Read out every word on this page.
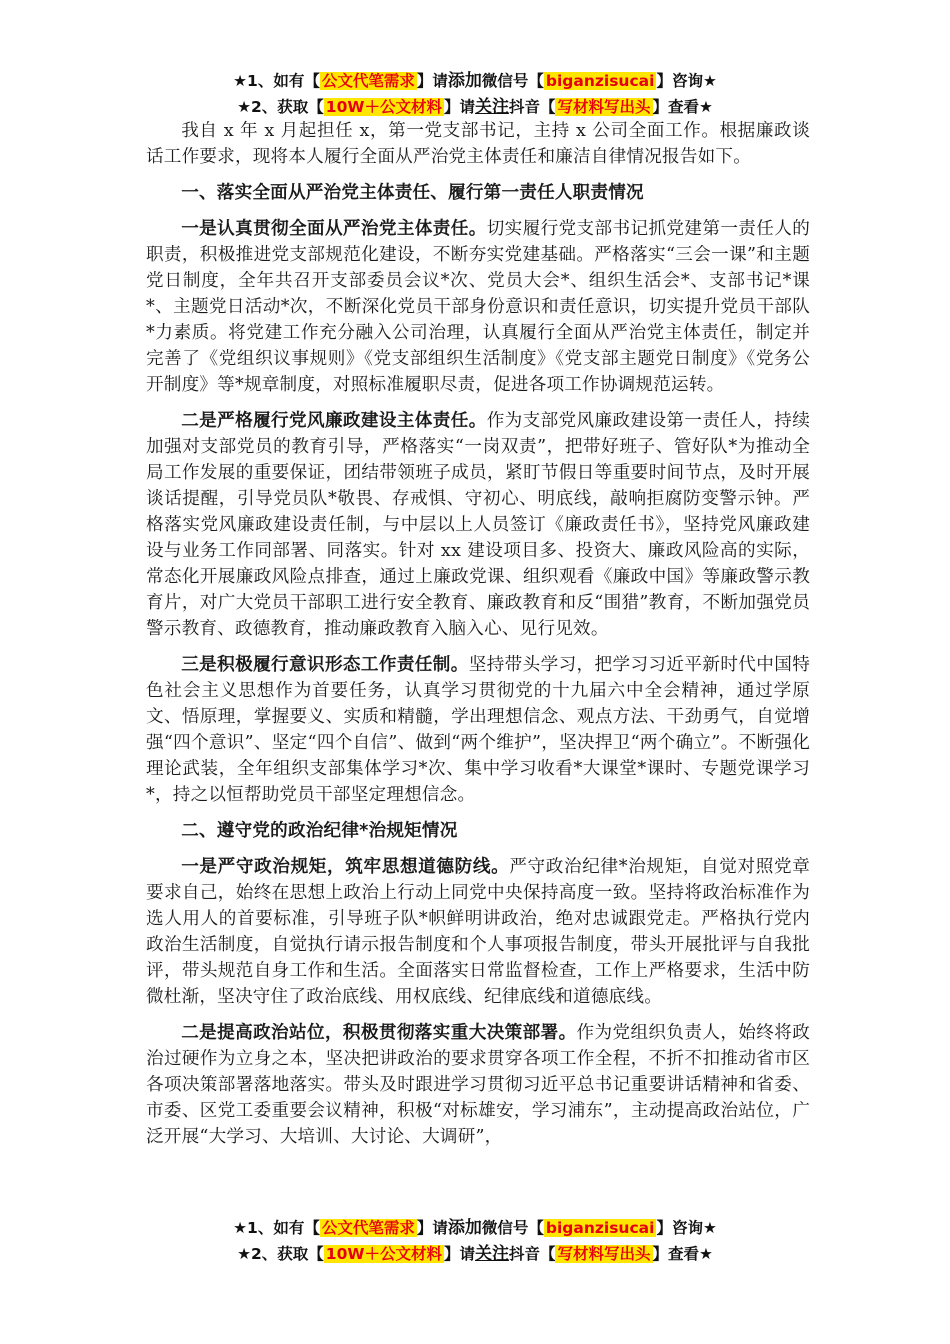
★1、如有【 公文代笔需求 】请添加微信号【 biganzisucai 】咨询★
★2、获取【 10W＋公文材料 】请关注抖音【 写材料写出头 】查看★

我自 x 年 x 月起担任 x，第一党支部书记，主持 x 公司全面工作。根据廉政谈话工作要求，现将本人履行全面从严治党主体责任和廉洁自律情况报告如下。

一、落实全面从严治党主体责任、履行第一责任人职责情况

一是认真贯彻全面从严治党主体责任。切实履行党支部书记抓党建第一责任人的职责，积极推进党支部规范化建设，不断夯实党建基础。严格落实“三会一课”和主题党日制度，全年共召开支部委员会议*次、党员大会*、组织生活会*、支部书记*课*、主题党日活动*次，不断深化党员干部身份意识和责任意识，切实提升党员干部队*力素质。将党建工作充分融入公司治理，认真履行全面从严治党主体责任，制定并完善了《党组织议事规则》《党支部组织生活制度》《党支部主题党日制度》《党务公开制度》等*规章制度，对照标准履职尽责，促进各项工作协调规范运转。

二是严格履行党风廉政建设主体责任。作为支部党风廉政建设第一责任人，持续加强对支部党员的教育引导，严格落实“一岗双责”，把带好班子、管好队*为推动全局工作发展的重要保证，团结带领班子成员，紧盯节假日等重要时间节点，及时开展谈话提醒，引导党员队*敬畏、存戒惧、守初心、明底线，敲响拒腐防变警示钟。严格落实党风廉政建设责任制，与中层以上人员签订《廉政责任书》，坚持党风廉政建设与业务工作同部署、同落实。针对 xx 建设项目多、投资大、廉政风险高的实际，常态化开展廉政风险点排查，通过上廉政党课、组织观看《廉政中国》等廉政警示教育片，对广大党员干部职工进行安全教育、廉政教育和反“围猎”教育，不断加强党员警示教育、政德教育，推动廉政教育入脑入心、见行见效。

三是积极履行意识形态工作责任制。坚持带头学习，把学习习近平新时代中国特色社会主义思想作为首要任务，认真学习贯彻党的十九届六中全会精神，通过学原文、悟原理，掌握要义、实质和精髓，学出理想信念、观点方法、干劲勇气，自觉增强“四个意识”、坚定“四个自信”、做到“两个维护”，坚决捍卫“两个确立”。不断强化理论武装，全年组织支部集体学习*次、集中学习收看*大课堂*课时、专题党课学习*，持之以恒帮助党员干部坚定理想信念。

二、遵守党的政治纪律*治规矩情况

一是严守政治规矩，筑牢思想道德防线。严守政治纪律*治规矩，自觉对照党章要求自己，始终在思想上政治上行动上同党中央保持高度一致。坚持将政治标准作为选人用人的首要标准，引导班子队*帜鲜明讲政治，绝对忠诚跟党走。严格执行党内政治生活制度，自觉执行请示报告制度和个人事项报告制度，带头开展批评与自我批评，带头规范自身工作和生活。全面落实日常监督检查，工作上严格要求，生活中防微杜渐，坚决守住了政治底线、用权底线、纪律底线和道德底线。

二是提高政治站位，积极贯彻落实重大决策部署。作为党组织负责人，始终将政治过硬作为立身之本，坚决把讲政治的要求贯穿各项工作全程，不折不扣推动省市区各项决策部署落地落实。带头及时跟进学习贯彻习近平总书记重要讲话精神和省委、市委、区党工委重要会议精神，积极“对标雄安，学习浦东”，主动提高政治站位，广泛开展“大学习、大培训、大讨论、大调研”，

★1、如有【 公文代笔需求 】请添加微信号【 biganzisucai 】咨询★
★2、获取【 10W＋公文材料 】请关注抖音【 写材料写出头 】查看★
